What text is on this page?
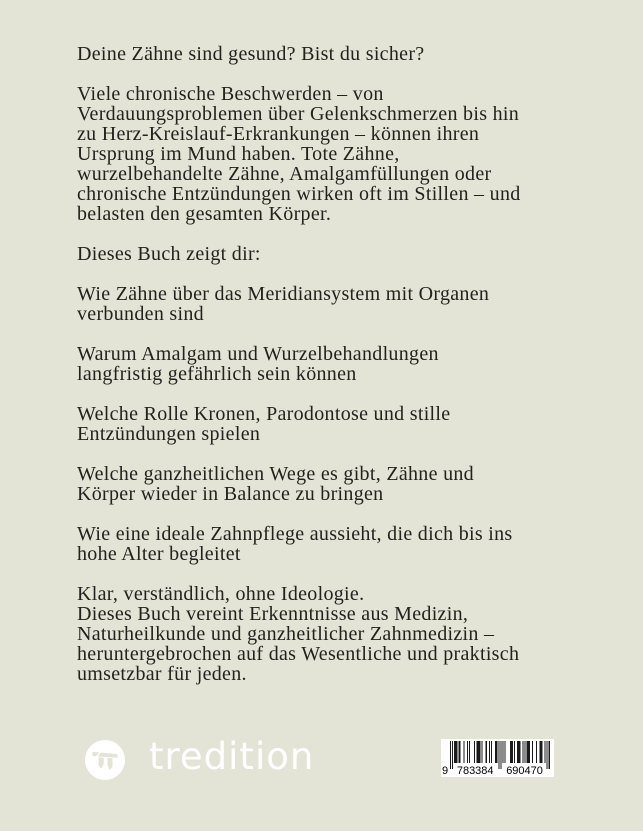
Deine Zähne sind gesund? Bist du sicher?
Viele chronische Beschwerden – von
Verdauungsproblemen über Gelenkschmerzen bis hin
zu Herz-Kreislauf-Erkrankungen – können ihren
Ursprung im Mund haben. Tote Zähne,
wurzelbehandelte Zähne, Amalgamfüllungen oder
chronische Entzündungen wirken oft im Stillen – und
belasten den gesamten Körper.
Dieses Buch zeigt dir:
Wie Zähne über das Meridiansystem mit Organen
verbunden sind
Warum Amalgam und Wurzelbehandlungen
langfristig gefährlich sein können
Welche Rolle Kronen, Parodontose und stille
Entzündungen spielen
Welche ganzheitlichen Wege es gibt, Zähne und
Körper wieder in Balance zu bringen
Wie eine ideale Zahnpflege aussieht, die dich bis ins
hohe Alter begleitet
Klar, verständlich, ohne Ideologie.
Dieses Buch vereint Erkenntnisse aus Medizin,
Naturheilkunde und ganzheitlicher Zahnmedizin –
heruntergebrochen auf das Wesentliche und praktisch
umsetzbar für jeden.
tredition	9 783384 690470
